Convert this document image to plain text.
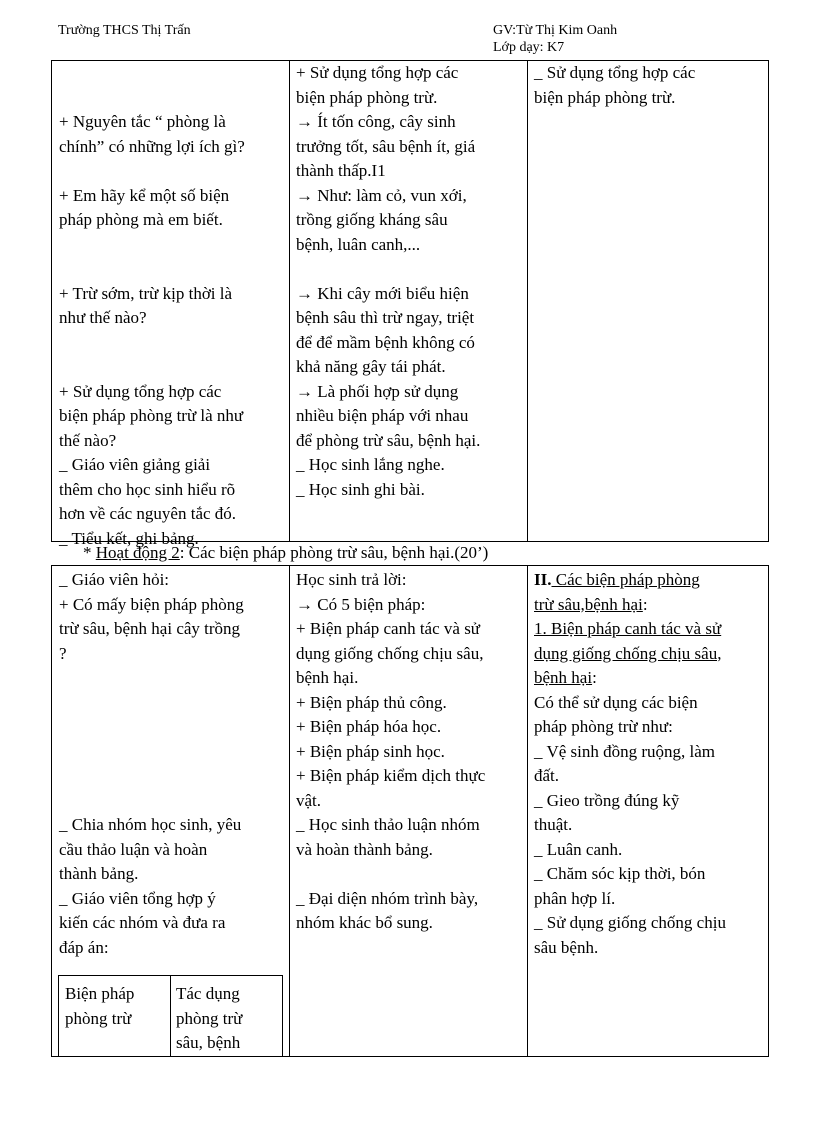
Trường THCS Thị Trấn	GV:Từ Thị Kim Oanh
Lớp dạy: K7
+ Nguyên tắc “ phòng là
chính” có những lợi ích gì?
+ Em hãy kể một số biện
pháp phòng mà em biết.
+ Trừ sớm, trừ kịp thời là
như thế nào?
+ Sử dụng tổng hợp các
biện pháp phòng trừ là như
thế nào?
_ Giáo viên giảng giải
thêm cho học sinh hiểu rõ
hơn về các nguyên tắc đó.
_ Tiểu kết, ghi bảng.
+ Sử dụng tổng hợp các
biện pháp phòng trừ.
→ Ít tốn công, cây sinh
trưởng tốt, sâu bệnh ít, giá
thành thấp.I1
→ Như: làm cỏ, vun xới,
trồng giống kháng sâu
bệnh, luân canh,...
→ Khi cây mới biểu hiện
bệnh sâu thì trừ ngay, triệt
để để mầm bệnh không có
khả năng gây tái phát.
→ Là phối hợp sử dụng
nhiều biện pháp với nhau
để phòng trừ sâu, bệnh hại.
_ Học sinh lắng nghe.
_ Học sinh ghi bài.
_ Sử dụng tổng hợp các
biện pháp phòng trừ.
* Hoạt động 2: Các biện pháp phòng trừ sâu, bệnh hại.(20’)
_ Giáo viên hỏi:
+ Có mấy biện pháp phòng
trừ sâu, bệnh hại cây trồng
?
_ Chia nhóm học sinh, yêu
cầu thảo luận và hoàn
thành bảng.
_ Giáo viên tổng hợp ý
kiến các nhóm và đưa ra
đáp án:
Học sinh trả lời:
→ Có 5 biện pháp:
+ Biện pháp canh tác và sử
dụng giống chống chịu sâu,
bệnh hại.
+ Biện pháp thủ công.
+ Biện pháp hóa học.
+ Biện pháp sinh học.
+ Biện pháp kiểm dịch thực
vật.
_ Học sinh thảo luận nhóm
và hoàn thành bảng.
_ Đại diện nhóm trình bày,
nhóm khác bổ sung.
II. Các biện pháp phòng
trừ sâu,bệnh hại:
1. Biện pháp canh tác và sử
dụng giống chống chịu sâu,
bệnh hại:
Có thể sử dụng các biện
pháp phòng trừ như:
_ Vệ sinh đồng ruộng, làm
đất.
_ Gieo trồng đúng kỹ
thuật.
_ Luân canh.
_ Chăm sóc kịp thời, bón
phân hợp lí.
_ Sử dụng giống chống chịu
sâu bệnh.
Biện pháp
phòng trừ
Tác dụng
phòng trừ
sâu, bệnh
